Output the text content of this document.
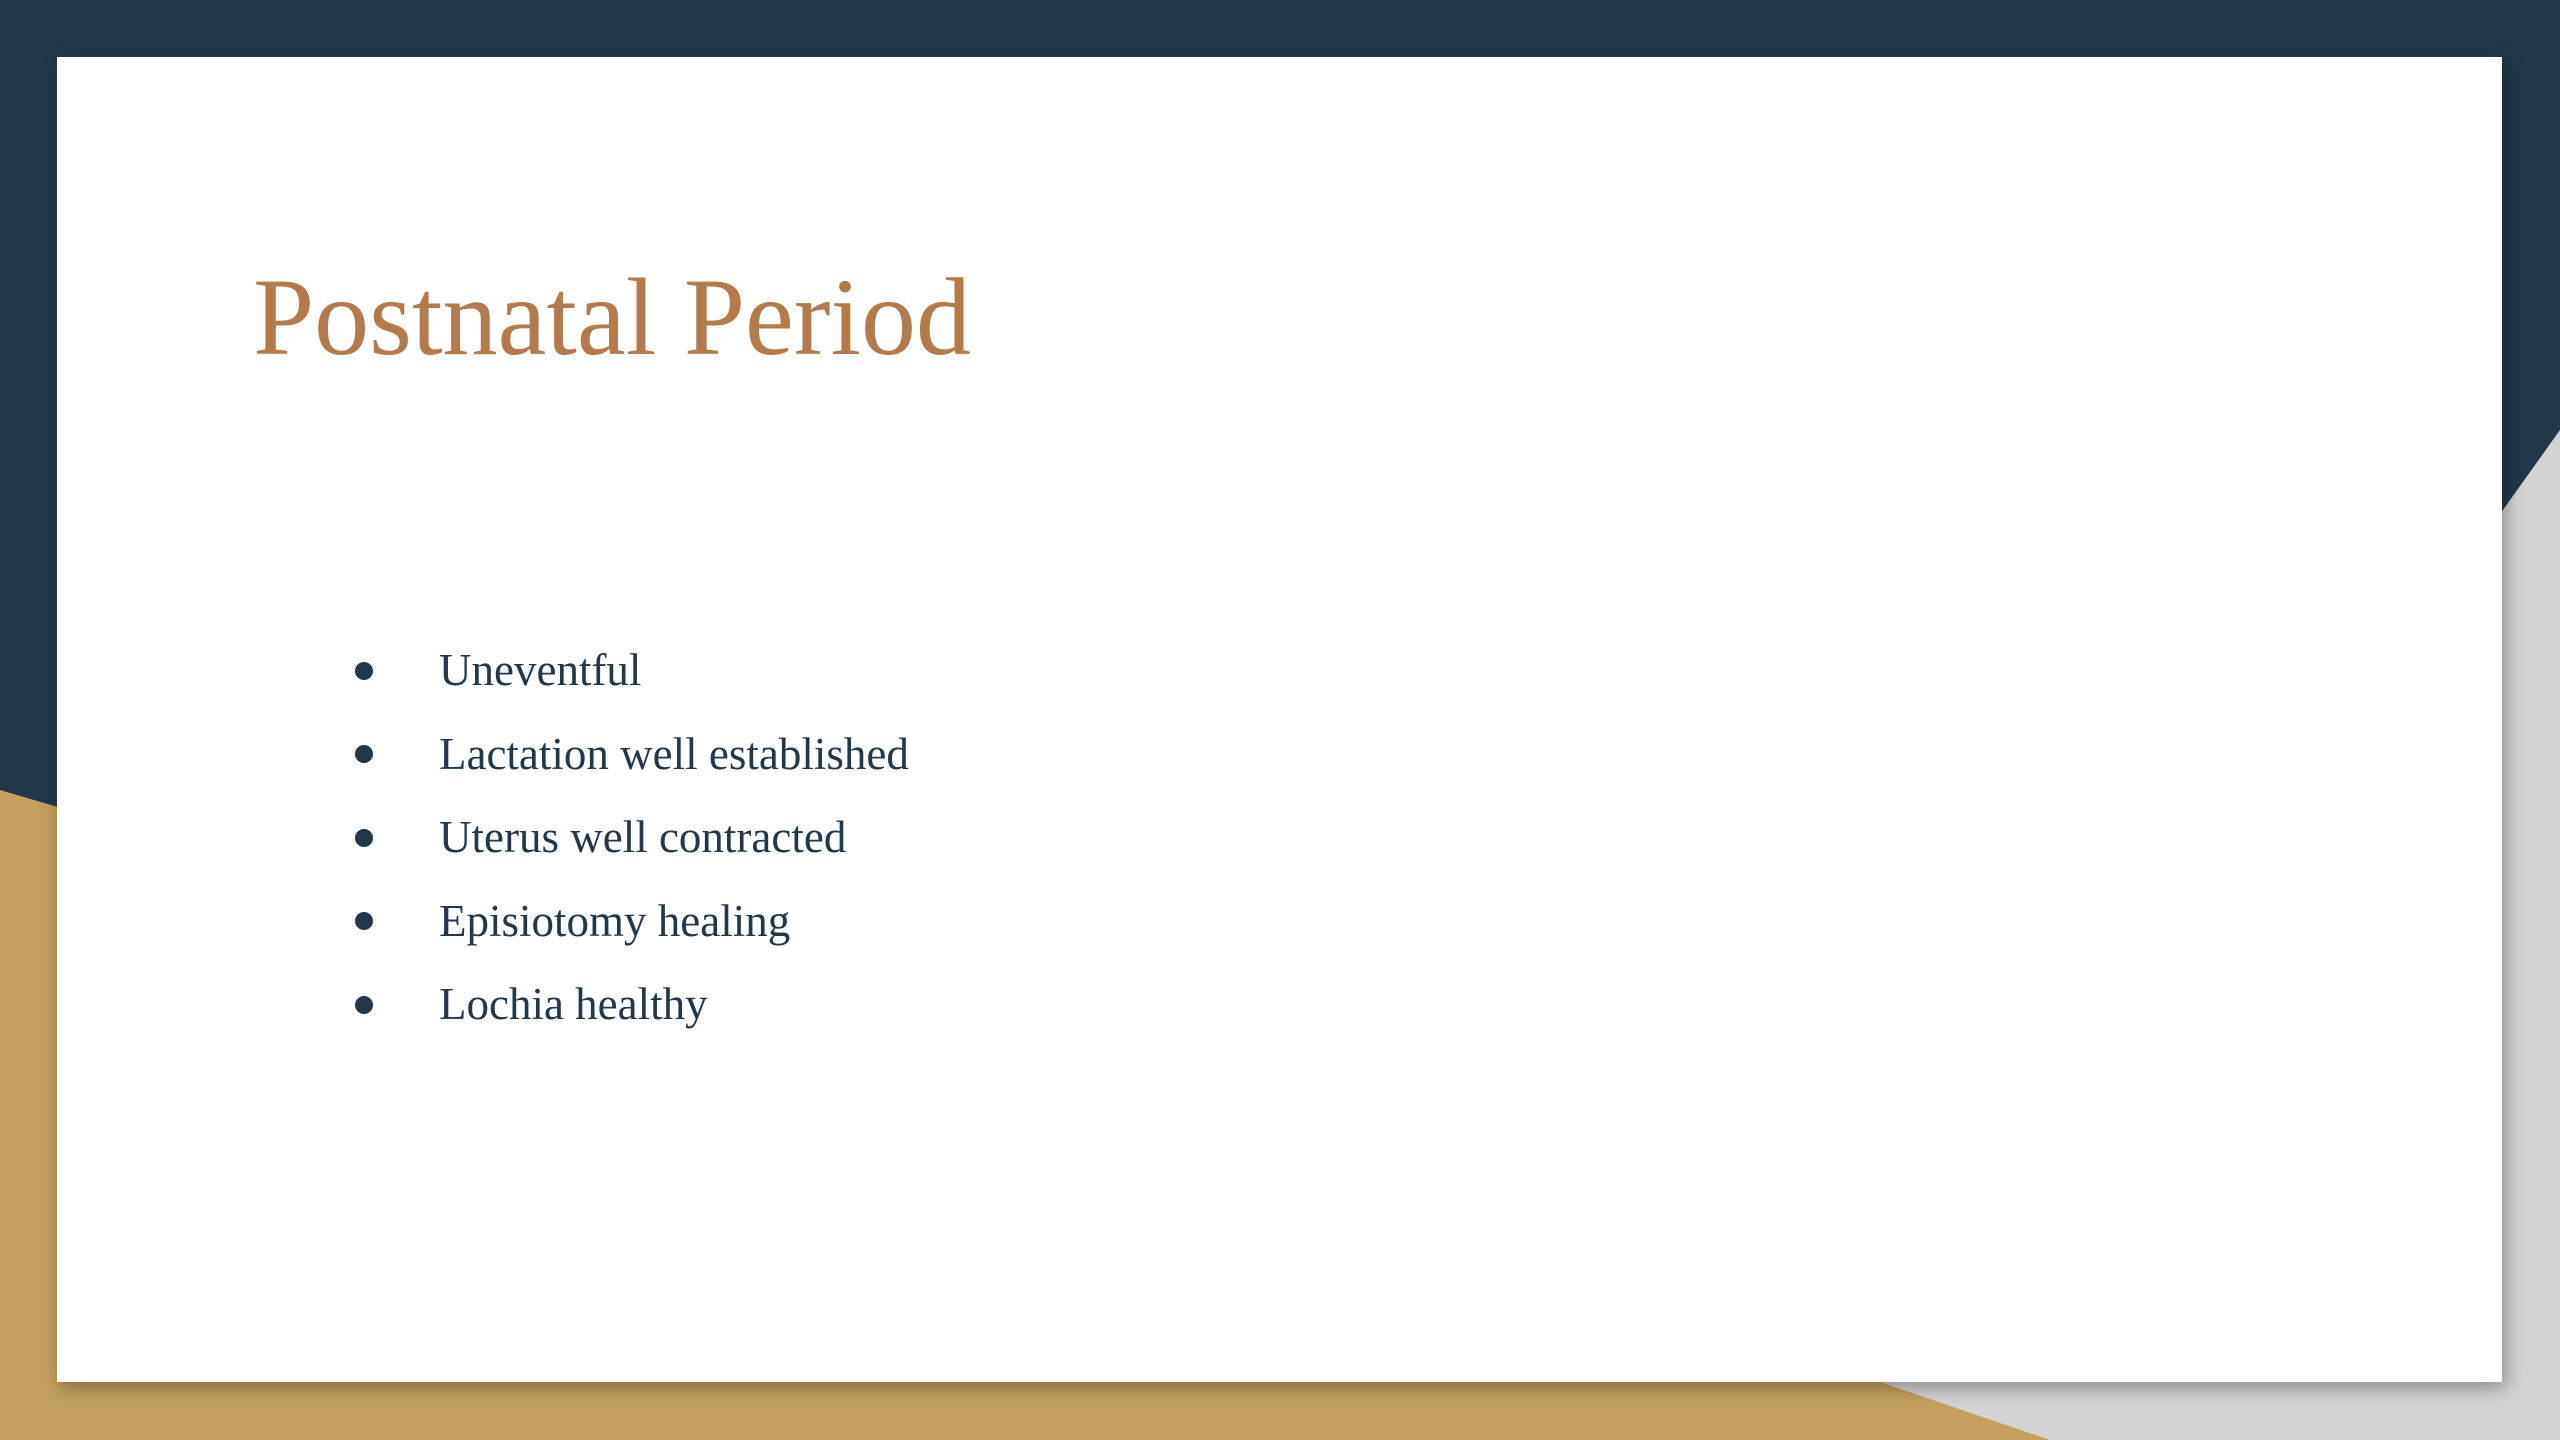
Postnatal Period
Uneventful
Lactation well established
Uterus well contracted
Episiotomy healing
Lochia healthy
